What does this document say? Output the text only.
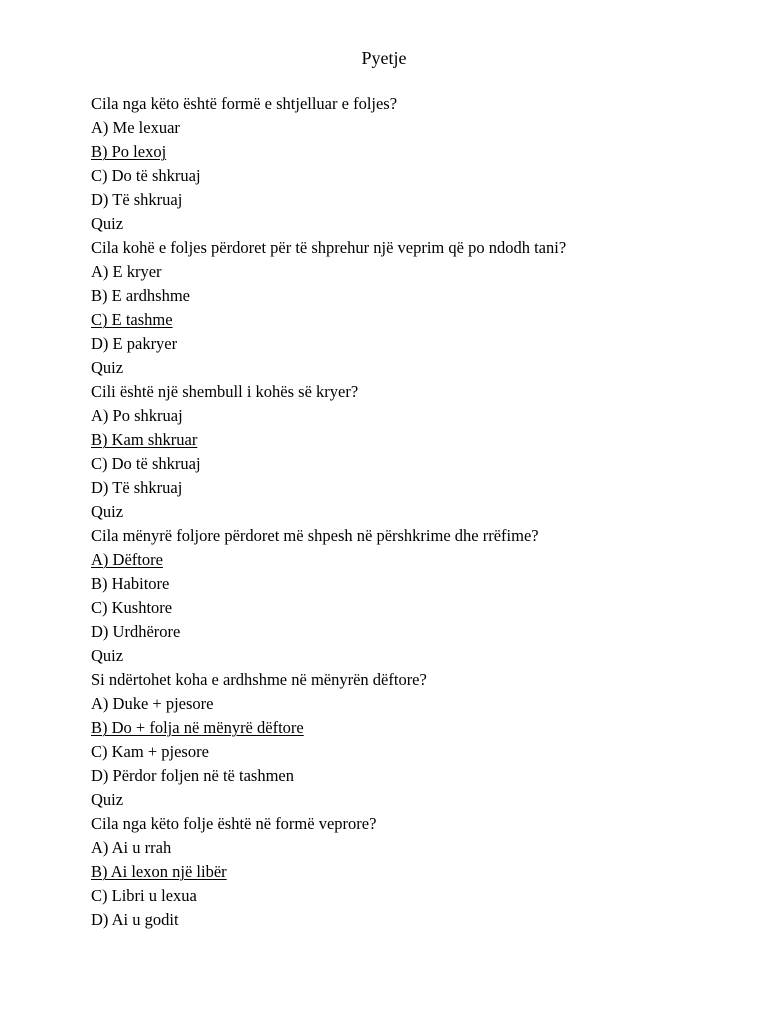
Pyetje
Cila nga këto është formë e shtjelluar e foljes?
A) Me lexuar
B) Po lexoj
C) Do të shkruaj
D) Të shkruaj
Quiz
Cila kohë e foljes përdoret për të shprehur një veprim që po ndodh tani?
A) E kryer
B) E ardhshme
C) E tashme
D) E pakryer
Quiz
Cili është një shembull i kohës së kryer?
A) Po shkruaj
B) Kam shkruar
C) Do të shkruaj
D) Të shkruaj
Quiz
Cila mënyrë foljore përdoret më shpesh në përshkrime dhe rrëfime?
A) Dëftore
B) Habitore
C) Kushtore
D) Urdhërore
Quiz
Si ndërtohet koha e ardhshme në mënyrën dëftore?
A) Duke + pjesore
B) Do + folja në mënyrë dëftore
C) Kam + pjesore
D) Përdor foljen në të tashmen
Quiz
Cila nga këto folje është në formë veprore?
A) Ai u rrah
B) Ai lexon një libër
C) Libri u lexua
D) Ai u godit
